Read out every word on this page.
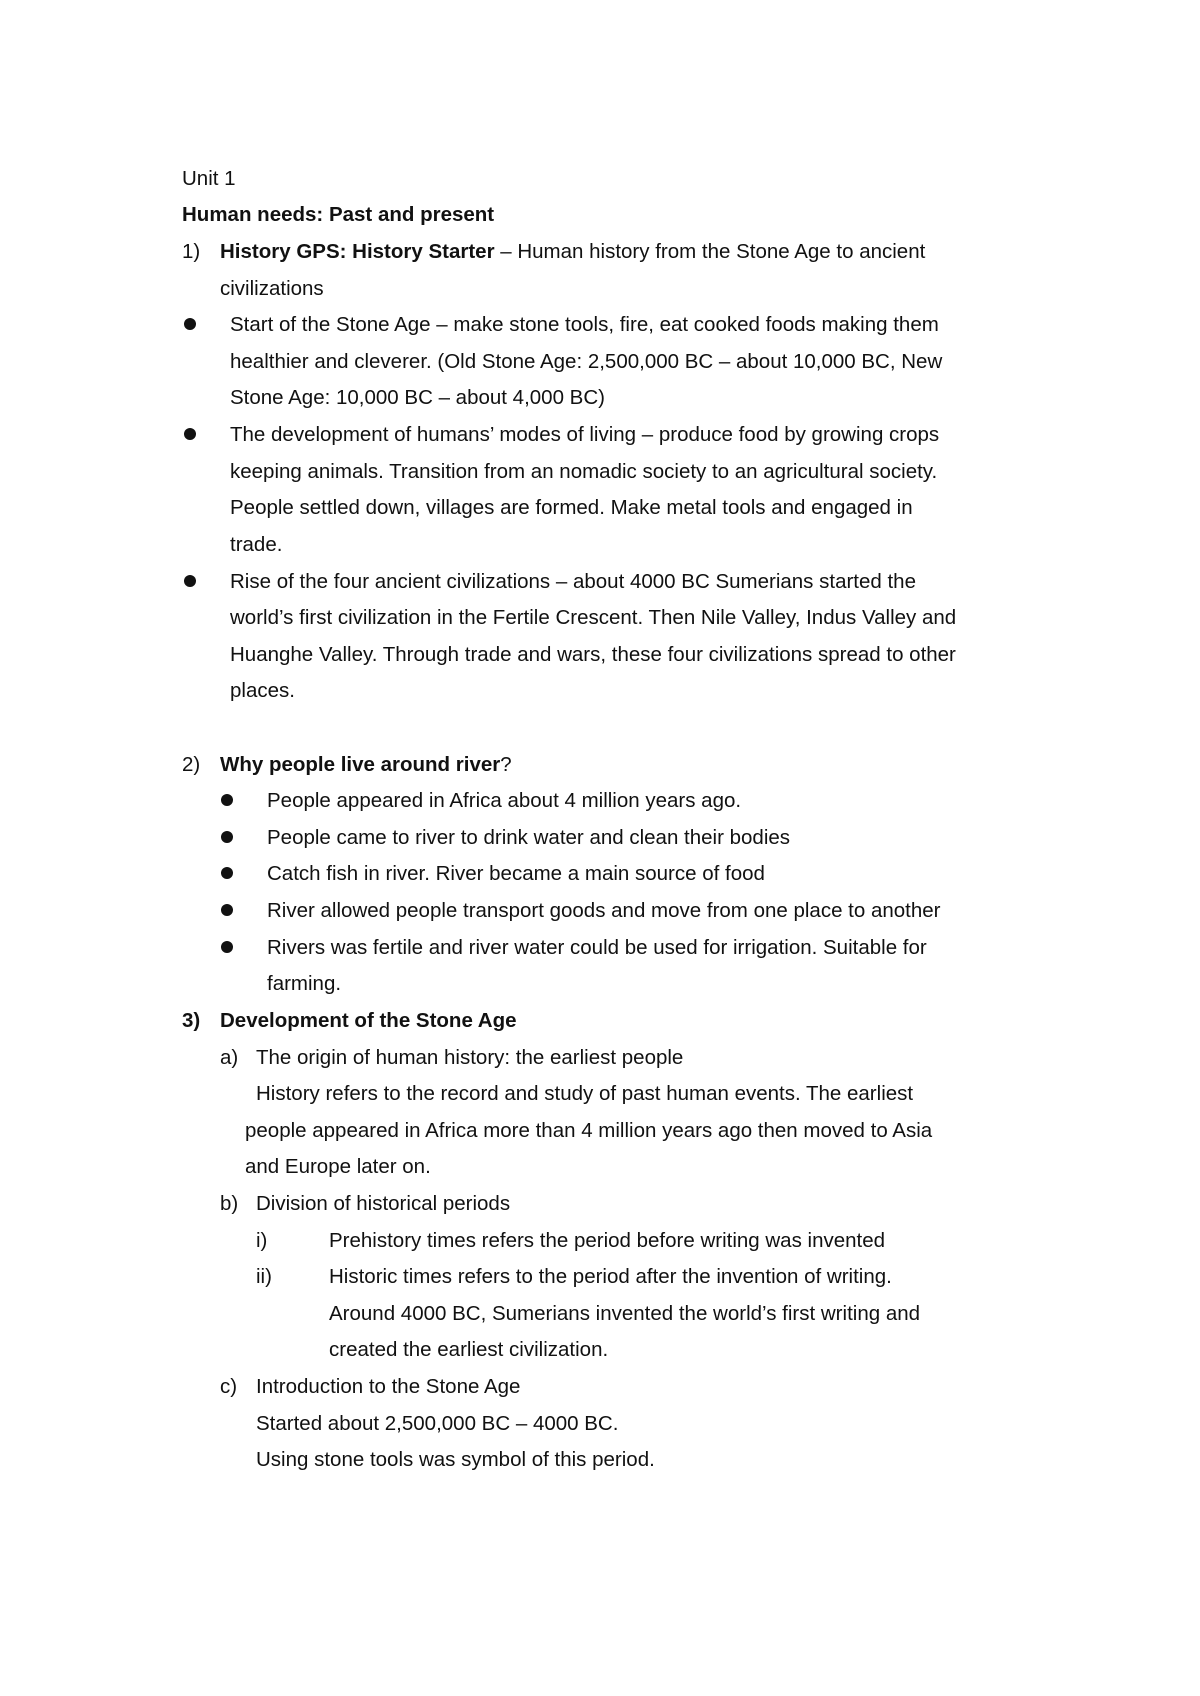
Unit 1
Human needs: Past and present
1) History GPS: History Starter – Human history from the Stone Age to ancient
civilizations
Start of the Stone Age – make stone tools, fire, eat cooked foods making them
healthier and cleverer. (Old Stone Age: 2,500,000 BC – about 10,000 BC, New
Stone Age: 10,000 BC – about 4,000 BC)
The development of humans’ modes of living – produce food by growing crops
keeping animals. Transition from an nomadic society to an agricultural society.
People settled down, villages are formed. Make metal tools and engaged in
trade.
Rise of the four ancient civilizations – about 4000 BC Sumerians started the
world’s first civilization in the Fertile Crescent. Then Nile Valley, Indus Valley and
Huanghe Valley. Through trade and wars, these four civilizations spread to other
places.
2) Why people live around river?
People appeared in Africa about 4 million years ago.
People came to river to drink water and clean their bodies
Catch fish in river. River became a main source of food
River allowed people transport goods and move from one place to another
Rivers was fertile and river water could be used for irrigation. Suitable for
farming.
3) Development of the Stone Age
a) The origin of human history: the earliest people
History refers to the record and study of past human events. The earliest
people appeared in Africa more than 4 million years ago then moved to Asia
and Europe later on.
b) Division of historical periods
i)	Prehistory times refers the period before writing was invented
ii)	Historic times refers to the period after the invention of writing.
Around 4000 BC, Sumerians invented the world’s first writing and
created the earliest civilization.
c) Introduction to the Stone Age
Started about 2,500,000 BC – 4000 BC.
Using stone tools was symbol of this period.
